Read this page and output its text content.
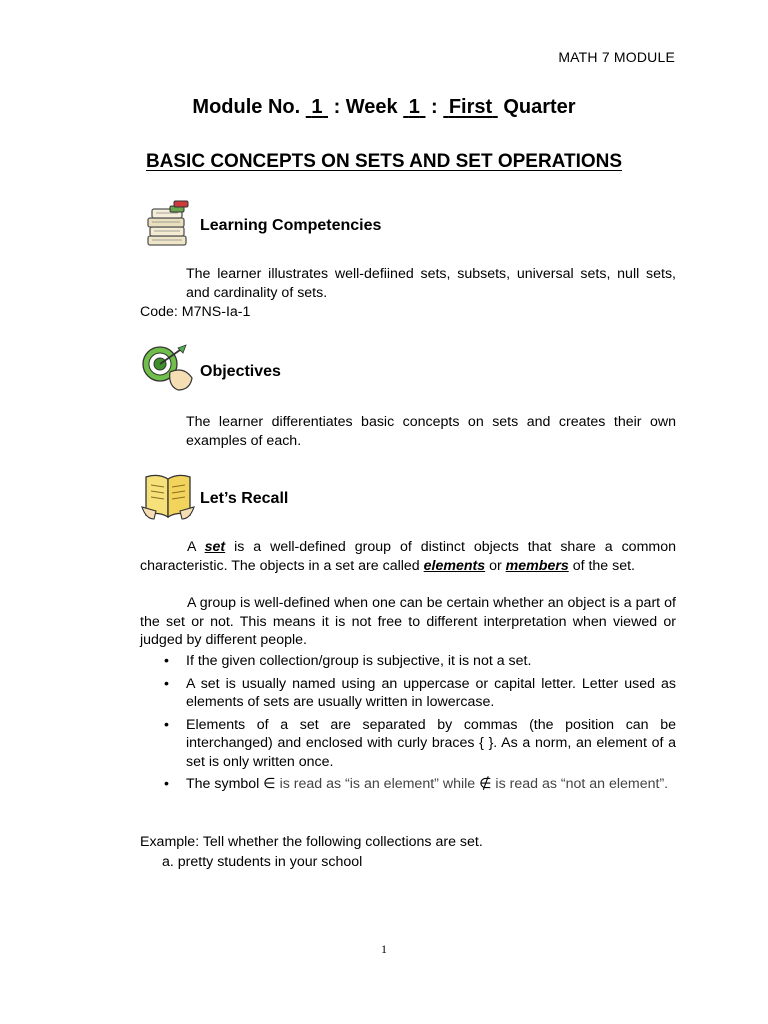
MATH 7 MODULE
Module No. 1 : Week 1 : First Quarter
BASIC CONCEPTS ON SETS AND SET OPERATIONS
Learning Competencies
The learner illustrates well-defiined sets, subsets, universal sets, null sets, and cardinality of sets.
Code: M7NS-Ia-1
Objectives
The learner differentiates basic concepts on sets and creates their own examples of each.
Let’s Recall
A set is a well-defined group of distinct objects that share a common characteristic. The objects in a set are called elements or members of the set.
A group is well-defined when one can be certain whether an object is a part of the set or not. This means it is not free to different interpretation when viewed or judged by different people.
• If the given collection/group is subjective, it is not a set.
• A set is usually named using an uppercase or capital letter. Letter used as elements of sets are usually written in lowercase.
• Elements of a set are separated by commas (the position can be interchanged) and enclosed with curly braces { }. As a norm, an element of a set is only written once.
• The symbol ∈ is read as “is an element” while ∉ is read as “not an element”.
Example: Tell whether the following collections are set.
a. pretty students in your school
1
